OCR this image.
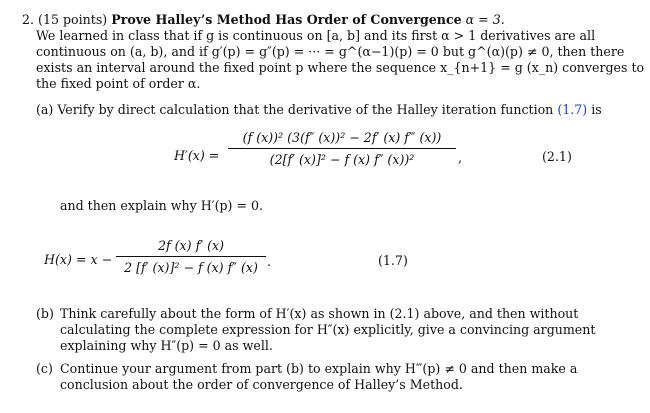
2. (15 points) Prove Halley’s Method Has Order of Convergence α = 3.
We learned in class that if g is continuous on [a, b] and its first α > 1 derivatives are all
continuous on (a, b), and if g′(p) = g″(p) = ··· = g^(α−1)(p) = 0 but g^(α)(p) ≠ 0, then there
exists an interval around the fixed point p where the sequence x_{n+1} = g (x_n) converges to
the fixed point of order α.
(a) Verify by direct calculation that the derivative of the Halley iteration function (1.7) is
H′(x) =
(f (x))² (3(f″ (x))² − 2f′ (x) f‴ (x))
(2[f′ (x)]² − f (x) f″ (x))²	,	(2.1)
and then explain why H′(p) = 0.
H(x) = x −
2f (x) f′ (x)
2 [f′ (x)]² − f (x) f″ (x) .	(1.7)
(b) Think carefully about the form of H′(x) as shown in (2.1) above, and then without
calculating the complete expression for H″(x) explicitly, give a convincing argument
explaining why H″(p) = 0 as well.
(c) Continue your argument from part (b) to explain why H‴(p) ≠ 0 and then make a
conclusion about the order of convergence of Halley’s Method.
